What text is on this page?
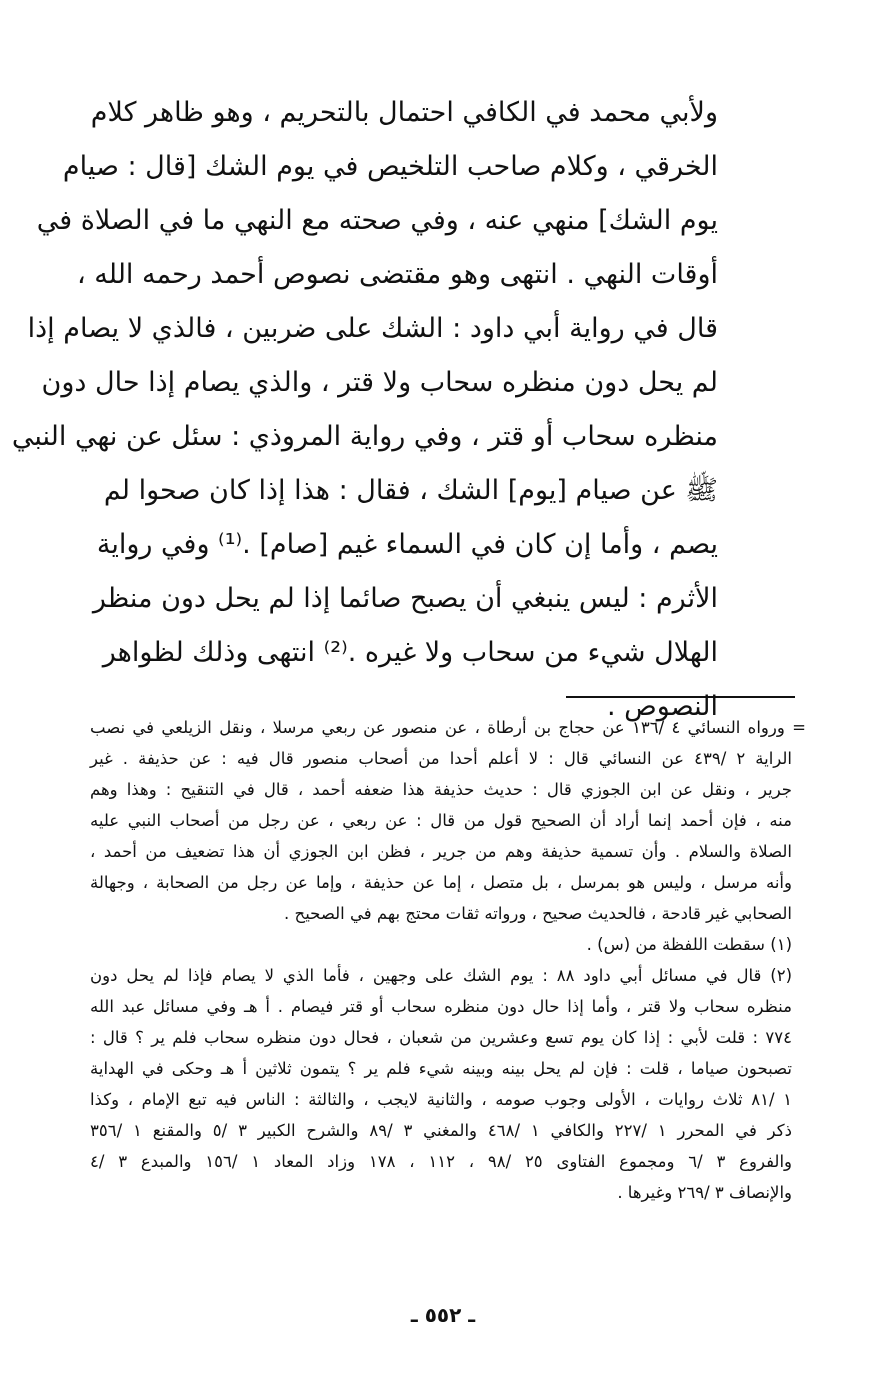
ولأبي محمد في الكافي احتمال بالتحريم ، وهو ظاهر كلام
الخرقي ، وكلام صاحب التلخيص في يوم الشك [قال : صيام
يوم الشك] منهي عنه ، وفي صحته مع النهي ما في الصلاة في
أوقات النهي . انتهى وهو مقتضى نصوص أحمد رحمه الله ،
قال في رواية أبي داود : الشك على ضربين ، فالذي لا يصام إذا
لم يحل دون منظره سحاب ولا قتر ، والذي يصام إذا حال دون
منظره سحاب أو قتر ، وفي رواية المروذي : سئل عن نهي النبي
ﷺ عن صيام [يوم] الشك ، فقال : هذا إذا كان صحوا لم
يصم ، وأما إن كان في السماء غيم [صام] .⁽¹⁾ وفي رواية
الأثرم : ليس ينبغي أن يصبح صائما إذا لم يحل دون منظر
الهلال شيء من سحاب ولا غيره .⁽²⁾ انتهى وذلك لظواهر
النصوص .
= ورواه النسائي ٤ /١٣٦ عن حجاج بن أرطاة ، عن منصور عن ربعي مرسلا ، ونقل الزيلعي في نصب
الراية ٢ /٤٣٩ عن النسائي قال : لا أعلم أحدا من أصحاب منصور قال فيه : عن حذيفة . غير
جرير ، ونقل عن ابن الجوزي قال : حديث حذيفة هذا ضعفه أحمد ، قال في التنقيح : وهذا وهم
منه ، فإن أحمد إنما أراد أن الصحيح قول من قال : عن ربعي ، عن رجل من أصحاب النبي عليه
الصلاة والسلام . وأن تسمية حذيفة وهم من جرير ، فظن ابن الجوزي أن هذا تضعيف من أحمد ،
وأنه مرسل ، وليس هو بمرسل ، بل متصل ، إما عن حذيفة ، وإما عن رجل من الصحابة ، وجهالة
الصحابي غير قادحة ، فالحديث صحيح ، ورواته ثقات محتج بهم في الصحيح .
(١) سقطت اللفظة من (س) .
(٢) قال في مسائل أبي داود ٨٨ : يوم الشك على وجهين ، فأما الذي لا يصام فإذا لم يحل دون
منظره سحاب ولا قتر ، وأما إذا حال دون منظره سحاب أو قتر فيصام . أ هـ وفي مسائل عبد الله
٧٧٤ : قلت لأبي : إذا كان يوم تسع وعشرين من شعبان ، فحال دون منظره سحاب فلم ير ؟ قال :
تصبحون صياما ، قلت : فإن لم يحل بينه وبينه شيء فلم ير ؟ يتمون ثلاثين أ هـ وحكى في الهداية
١ /٨١ ثلاث روايات ، الأولى وجوب صومه ، والثانية لايجب ، والثالثة : الناس فيه تبع الإمام ، وكذا
ذكر في المحرر ١ /٢٢٧ والكافي ١ /٤٦٨ والمغني ٣ /٨٩ والشرح الكبير ٣ /٥ والمقنع ١ /٣٥٦
والفروع ٣ /٦ ومجموع الفتاوى ٢٥ /٩٨ ، ١١٢ ، ١٧٨ وزاد المعاد ١ /١٥٦ والمبدع ٣ /٤
والإنصاف ٣ /٢٦٩ وغيرها .
ـ ٥٥٢ ـ
